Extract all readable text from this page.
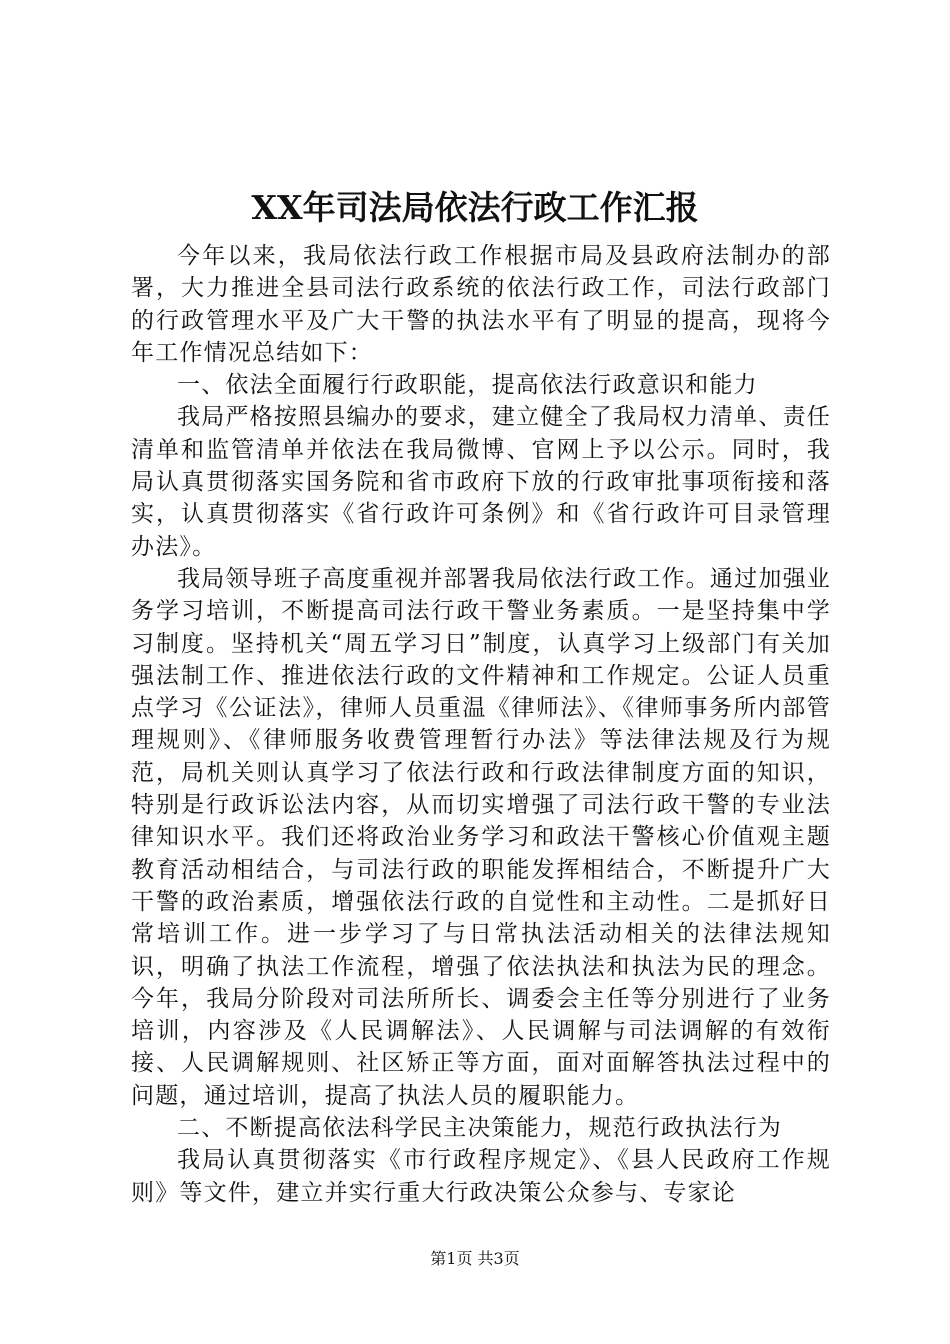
XX年司法局依法行政工作汇报

今年以来，我局依法行政工作根据市局及县政府法制办的部署，大力推进全县司法行政系统的依法行政工作，司法行政部门的行政管理水平及广大干警的执法水平有了明显的提高，现将今年工作情况总结如下：

一、依法全面履行行政职能，提高依法行政意识和能力

我局严格按照县编办的要求，建立健全了我局权力清单、责任清单和监管清单并依法在我局微博、官网上予以公示。同时，我局认真贯彻落实国务院和省市政府下放的行政审批事项衔接和落实，认真贯彻落实《省行政许可条例》和《省行政许可目录管理办法》。

我局领导班子高度重视并部署我局依法行政工作。通过加强业务学习培训，不断提高司法行政干警业务素质。一是坚持集中学习制度。坚持机关“周五学习日”制度，认真学习上级部门有关加强法制工作、推进依法行政的文件精神和工作规定。公证人员重点学习《公证法》，律师人员重温《律师法》、《律师事务所内部管理规则》、《律师服务收费管理暂行办法》等法律法规及行为规范，局机关则认真学习了依法行政和行政法律制度方面的知识，特别是行政诉讼法内容，从而切实增强了司法行政干警的专业法律知识水平。我们还将政治业务学习和政法干警核心价值观主题教育活动相结合，与司法行政的职能发挥相结合，不断提升广大干警的政治素质，增强依法行政的自觉性和主动性。二是抓好日常培训工作。进一步学习了与日常执法活动相关的法律法规知识，明确了执法工作流程，增强了依法执法和执法为民的理念。今年，我局分阶段对司法所所长、调委会主任等分别进行了业务培训，内容涉及《人民调解法》、人民调解与司法调解的有效衔接、人民调解规则、社区矫正等方面，面对面解答执法过程中的问题，通过培训，提高了执法人员的履职能力。

二、不断提高依法科学民主决策能力，规范行政执法行为

我局认真贯彻落实《市行政程序规定》、《县人民政府工作规则》等文件，建立并实行重大行政决策公众参与、专家论

第1页 共3页
